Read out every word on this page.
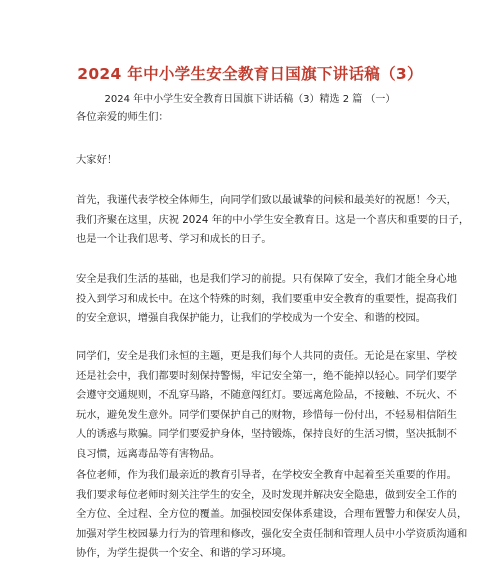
2024 年中小学生安全教育日国旗下讲话稿（3）
2024 年中小学生安全教育日国旗下讲话稿（3）精选 2 篇 （一）
各位亲爱的师生们：
大家好！
首先，我谨代表学校全体师生，向同学们致以最诚挚的问候和最美好的祝愿！今天，
我们齐聚在这里，庆祝 2024 年的中小学生安全教育日。这是一个喜庆和重要的日子，
也是一个让我们思考、学习和成长的日子。
安全是我们生活的基础，也是我们学习的前提。只有保障了安全，我们才能全身心地
投入到学习和成长中。在这个特殊的时刻，我们要重申安全教育的重要性，提高我们
的安全意识，增强自我保护能力，让我们的学校成为一个安全、和谐的校园。
同学们，安全是我们永恒的主题，更是我们每个人共同的责任。无论是在家里、学校
还是社会中，我们都要时刻保持警惕，牢记安全第一，绝不能掉以轻心。同学们要学
会遵守交通规则，不乱穿马路，不随意闯红灯。要远离危险品，不接触、不玩火、不
玩水，避免发生意外。同学们要保护自己的财物，珍惜每一份付出，不轻易相信陌生
人的诱惑与欺骗。同学们要爱护身体，坚持锻炼，保持良好的生活习惯，坚决抵制不
良习惯，远离毒品等有害物品。
各位老师，作为我们最亲近的教育引导者，在学校安全教育中起着至关重要的作用。
我们要求每位老师时刻关注学生的安全，及时发现并解决安全隐患，做到安全工作的
全方位、全过程、全方位的覆盖。加强校园安保体系建设，合理布置警力和保安人员，
加强对学生校园暴力行为的管理和修改，强化安全责任制和管理人员中小学资质沟通和
协作，为学生提供一个安全、和谐的学习环境。
